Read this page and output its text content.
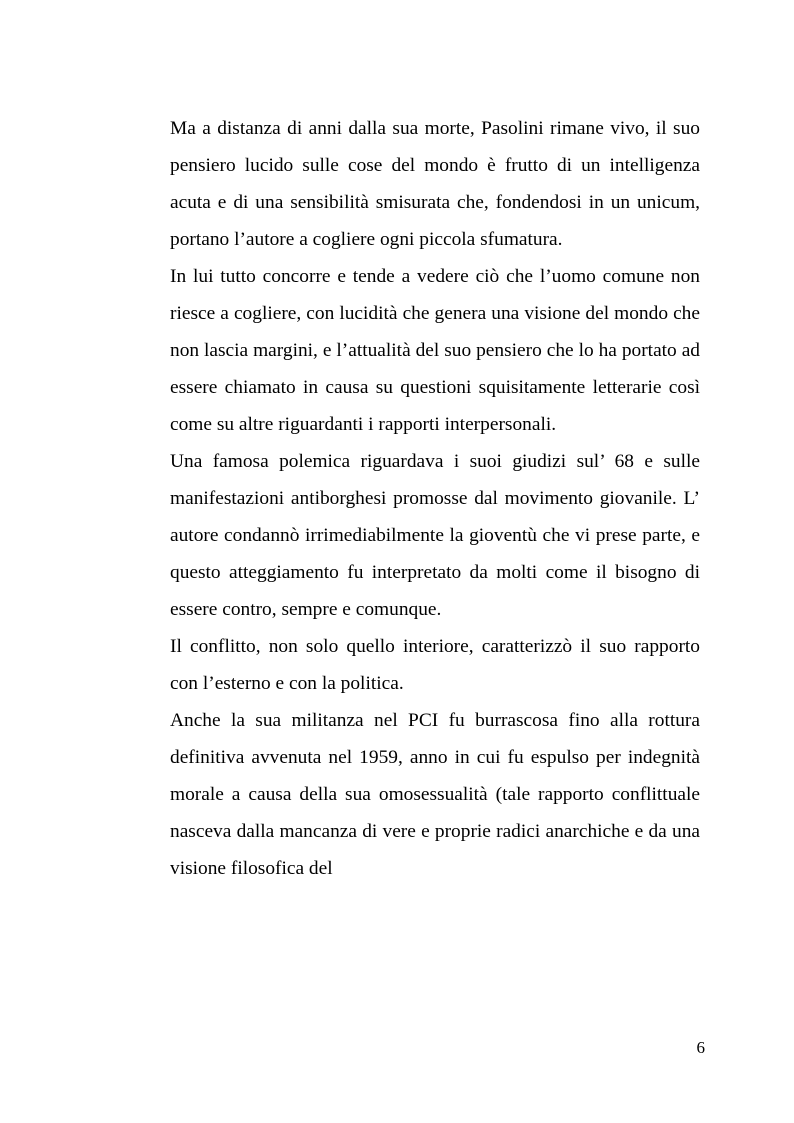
Ma a distanza di anni dalla sua morte, Pasolini rimane vivo, il suo pensiero lucido sulle cose del mondo è frutto di un intelligenza acuta e di una sensibilità smisurata che, fondendosi in un unicum, portano l’autore a cogliere ogni piccola sfumatura.

In lui tutto concorre e tende a vedere ciò che l’uomo comune non riesce a cogliere, con lucidità che genera una visione del mondo che non lascia margini, e l’attualità del suo pensiero che lo ha portato ad essere chiamato in causa su questioni squisitamente letterarie così come su altre riguardanti i rapporti interpersonali.

Una famosa polemica riguardava i suoi giudizi sul’ 68 e sulle manifestazioni antiborghesi promosse dal movimento giovanile. L’ autore condannò irrimediabilmente la gioventù che vi prese parte, e questo atteggiamento fu interpretato da molti come il bisogno di essere contro, sempre e comunque.

Il conflitto, non solo quello interiore, caratterizzò il suo rapporto con l’esterno e con la politica.

Anche la sua militanza nel PCI fu burrascosa fino alla rottura definitiva avvenuta nel 1959, anno in cui fu espulso per indegnità morale a causa della sua omosessualità (tale rapporto conflittuale nasceva dalla mancanza di vere e proprie radici anarchiche e da una visione filosofica del

6
